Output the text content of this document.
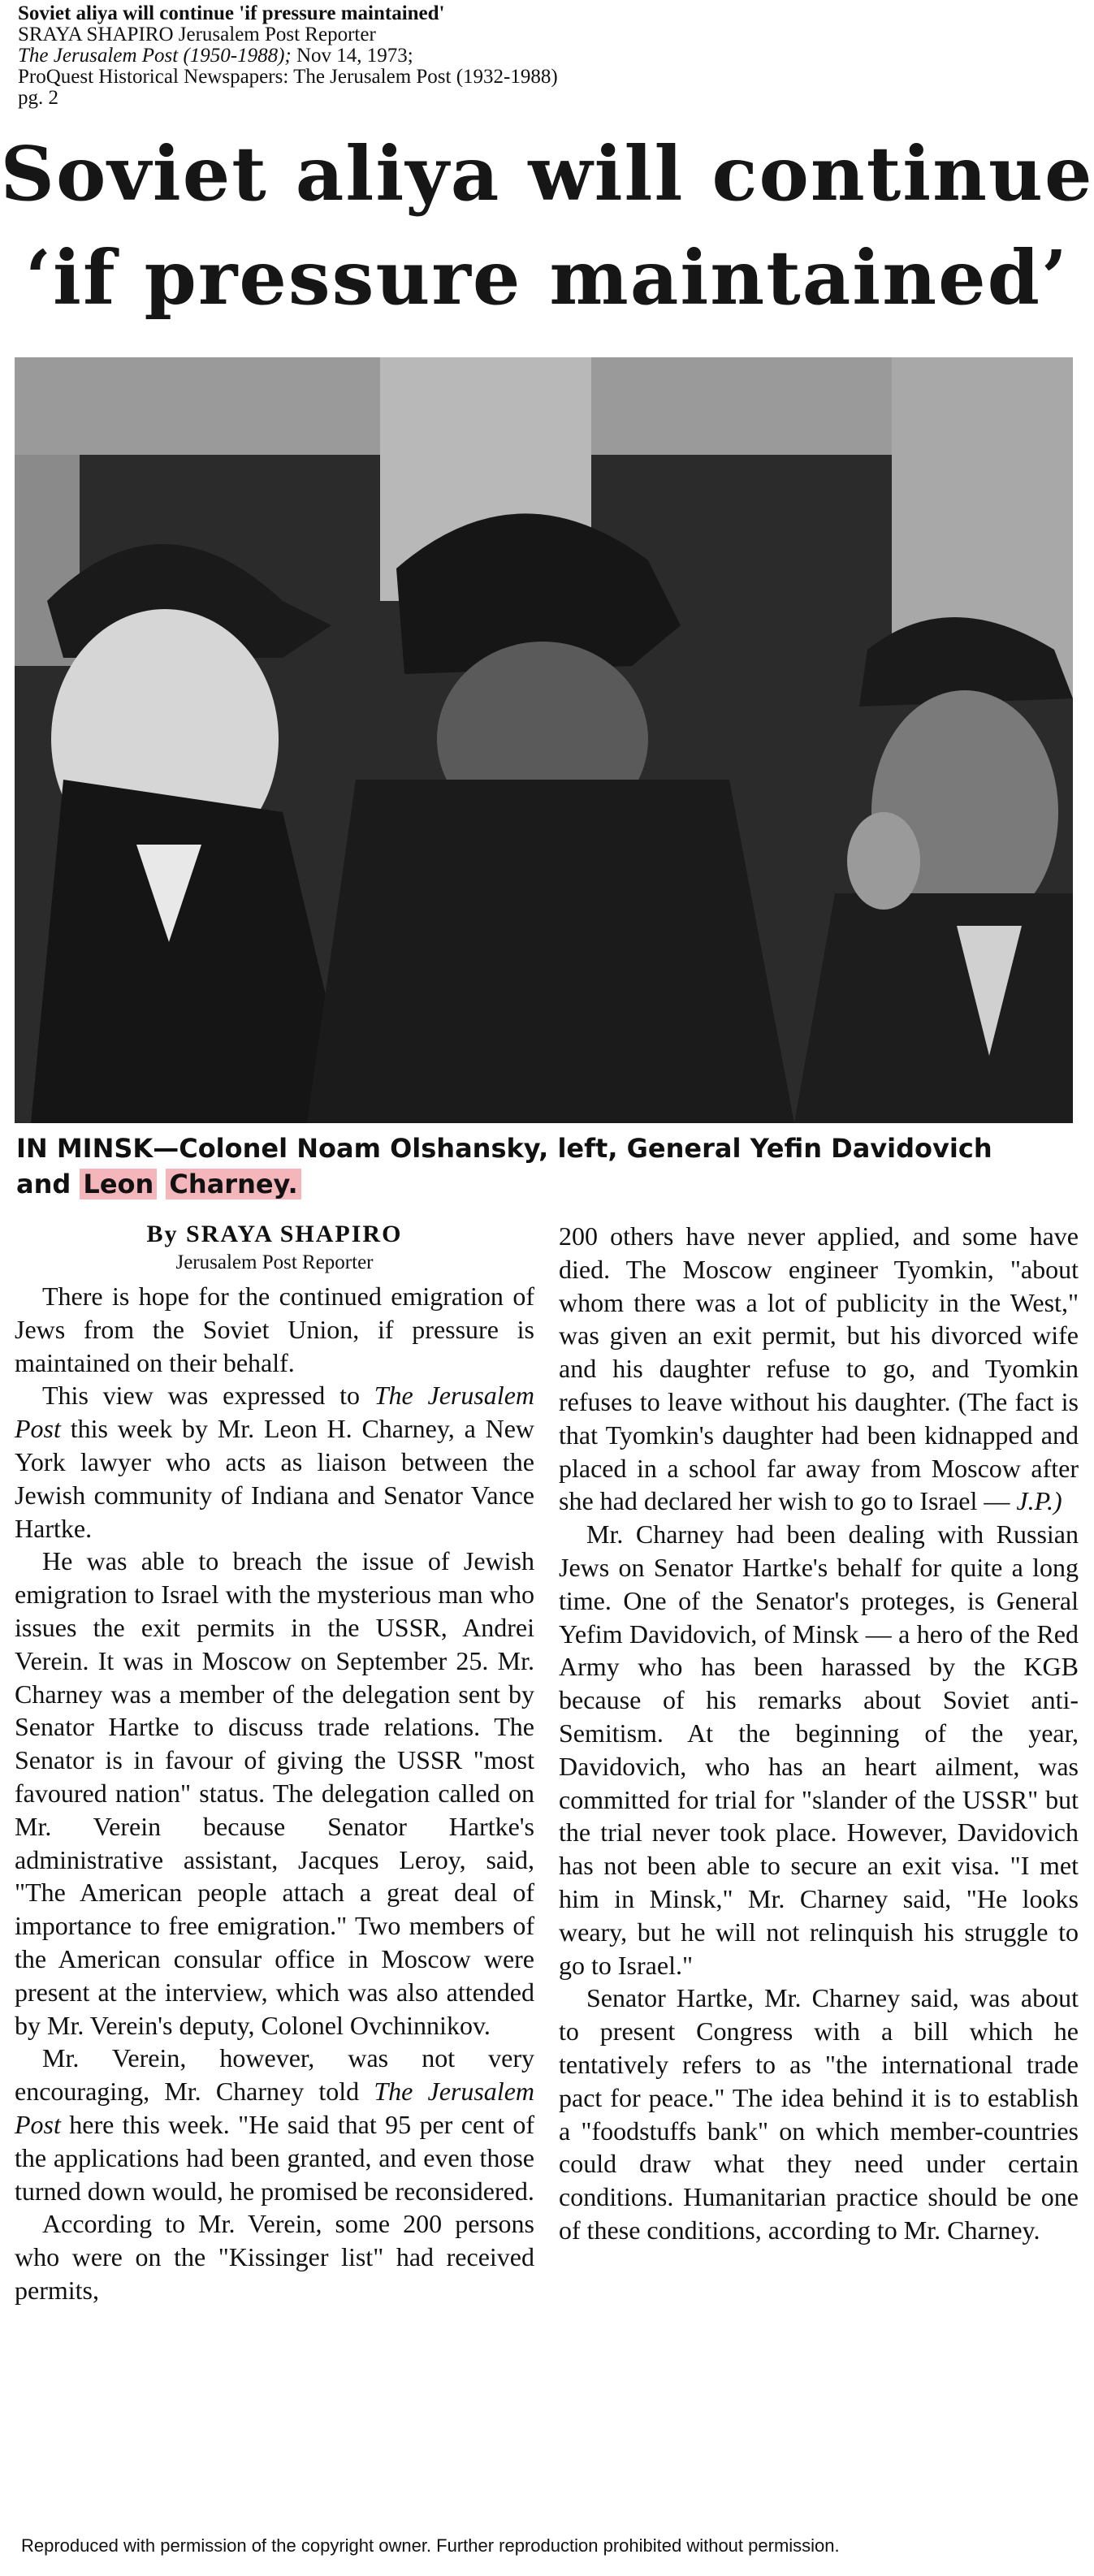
Soviet aliya will continue 'if pressure maintained'
SRAYA SHAPIRO Jerusalem Post Reporter
The Jerusalem Post (1950-1988); Nov 14, 1973;
ProQuest Historical Newspapers: The Jerusalem Post (1932-1988)
pg. 2
Soviet aliya will continue
‘if pressure maintained’
IN MINSK—Colonel Noam Olshansky, left, General Yefin Davidovich
and Leon Charney.
By SRAYA SHAPIRO
Jerusalem Post Reporter

There is hope for the continued emigration of Jews from the Soviet Union, if pressure is maintained on their behalf.

This view was expressed to The Jerusalem Post this week by Mr. Leon H. Charney, a New York lawyer who acts as liaison between the Jewish community of Indiana and Senator Vance Hartke.

He was able to breach the issue of Jewish emigration to Israel with the mysterious man who issues the exit permits in the USSR, Andrei Verein. It was in Moscow on September 25. Mr. Charney was a member of the delegation sent by Senator Hartke to discuss trade relations. The Senator is in favour of giving the USSR "most favoured nation" status. The delegation called on Mr. Verein because Senator Hartke's administrative assistant, Jacques Leroy, said, "The American people attach a great deal of importance to free emigration." Two members of the American consular office in Moscow were present at the interview, which was also attended by Mr. Verein's deputy, Colonel Ovchinnikov.

Mr. Verein, however, was not very encouraging, Mr. Charney told The Jerusalem Post here this week. "He said that 95 per cent of the applications had been granted, and even those turned down would, he promised be reconsidered.

According to Mr. Verein, some 200 persons who were on the "Kissinger list" had received permits,

200 others have never applied, and some have died. The Moscow engineer Tyomkin, "about whom there was a lot of publicity in the West," was given an exit permit, but his divorced wife and his daughter refuse to go, and Tyomkin refuses to leave without his daughter. (The fact is that Tyomkin's daughter had been kidnapped and placed in a school far away from Moscow after she had declared her wish to go to Israel — J.P.)

Mr. Charney had been dealing with Russian Jews on Senator Hartke's behalf for quite a long time. One of the Senator's proteges, is General Yefim Davidovich, of Minsk — a hero of the Red Army who has been harassed by the KGB because of his remarks about Soviet anti-Semitism. At the beginning of the year, Davidovich, who has an heart ailment, was committed for trial for "slander of the USSR" but the trial never took place. However, Davidovich has not been able to secure an exit visa. "I met him in Minsk," Mr. Charney said, "He looks weary, but he will not relinquish his struggle to go to Israel."

Senator Hartke, Mr. Charney said, was about to present Congress with a bill which he tentatively refers to as "the international trade pact for peace." The idea behind it is to establish a "foodstuffs bank" on which member-countries could draw what they need under certain conditions. Humanitarian practice should be one of these conditions, according to Mr. Charney.

Reproduced with permission of the copyright owner. Further reproduction prohibited without permission.
